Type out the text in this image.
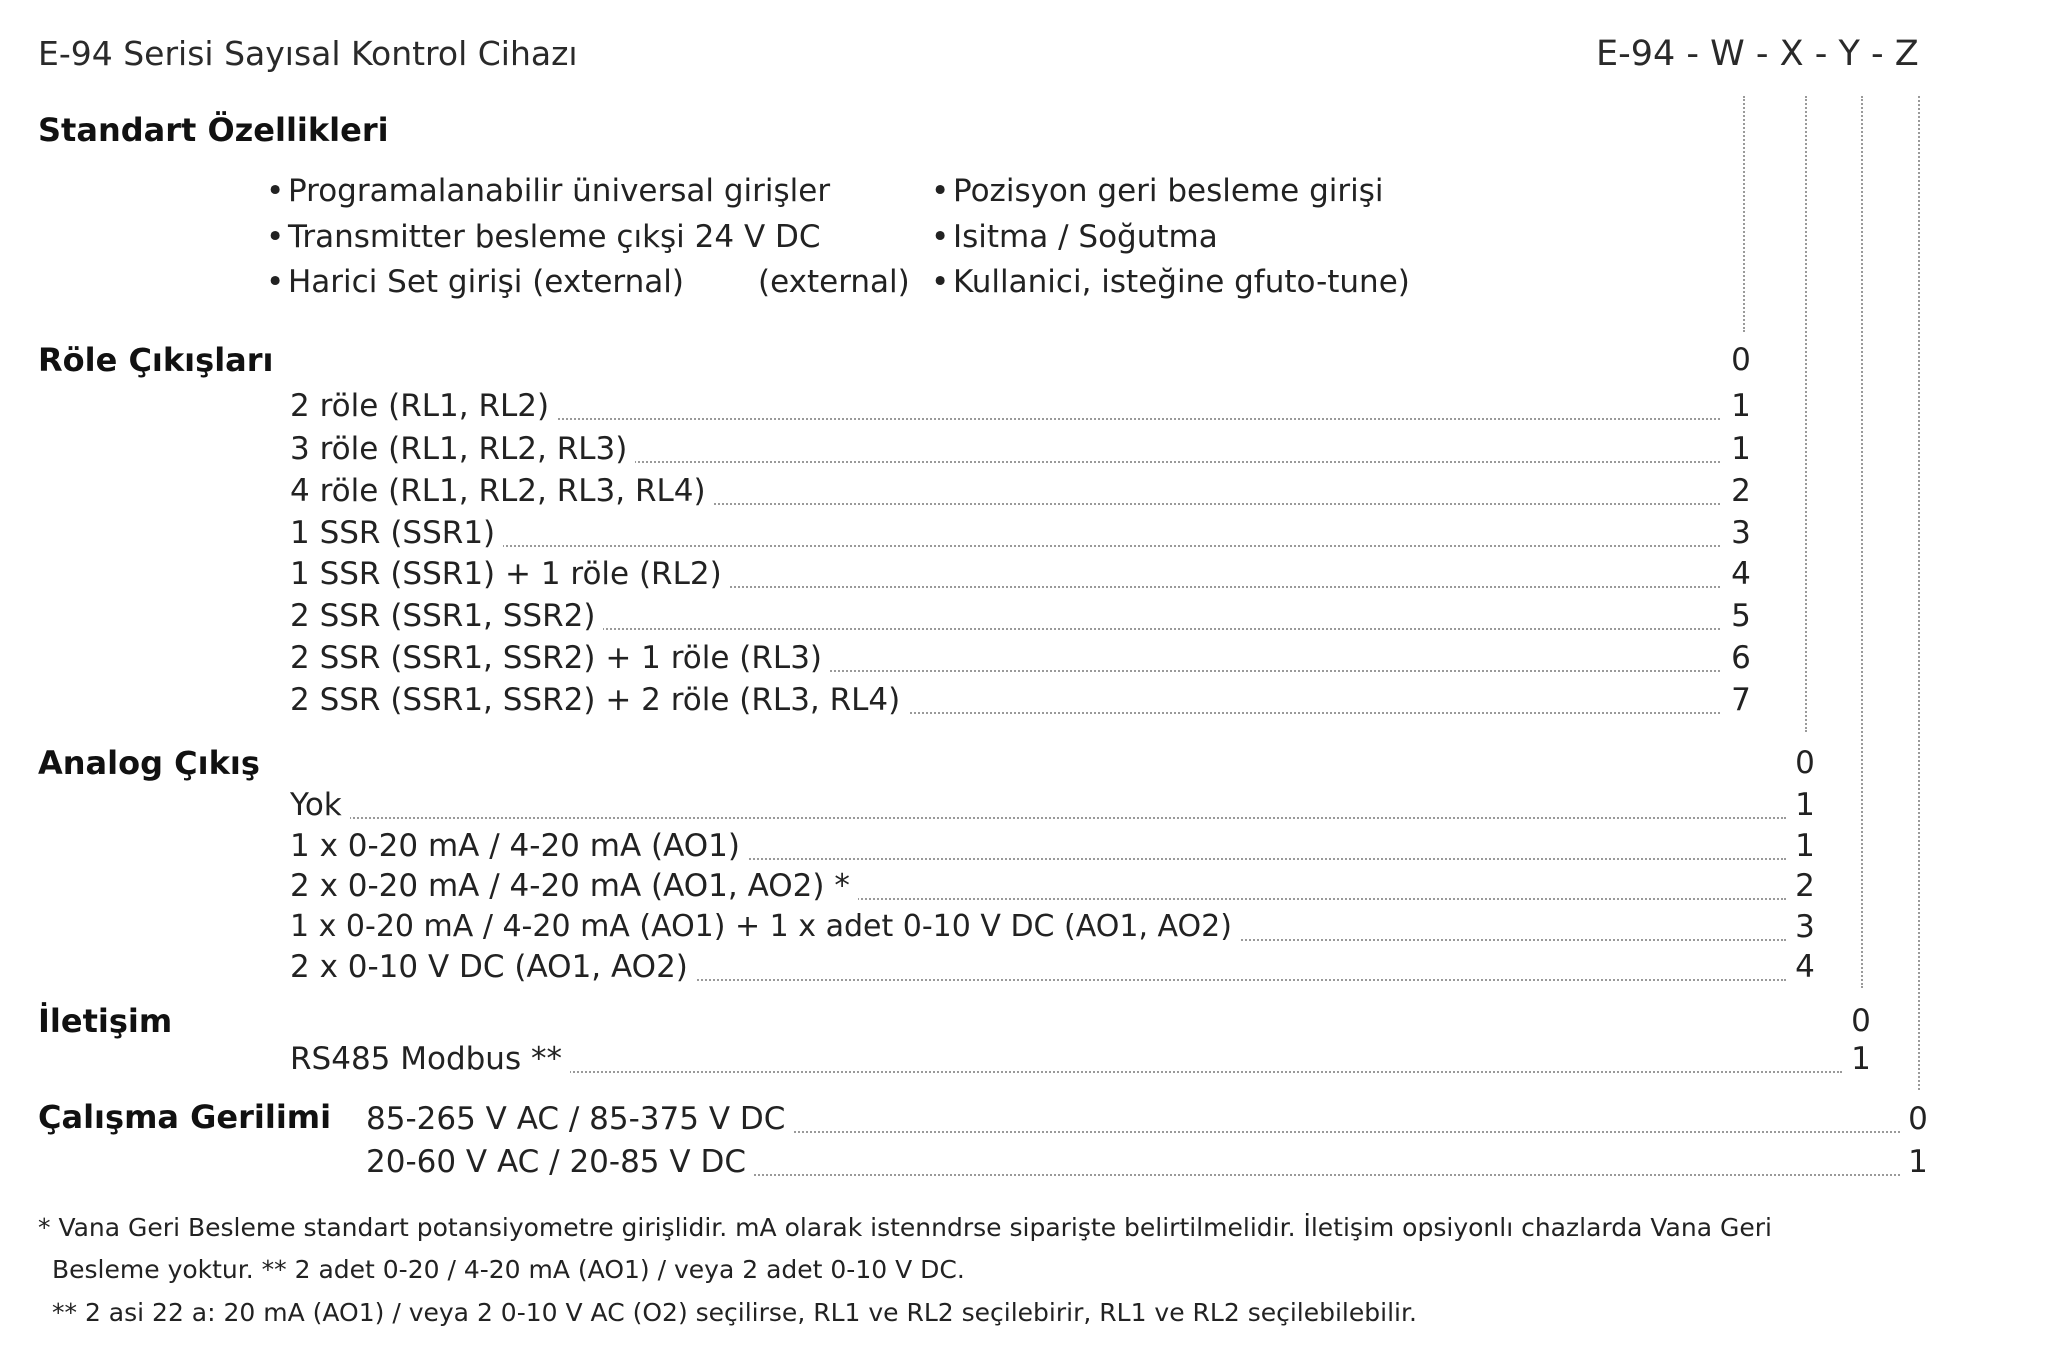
E-94 Serisi Sayısal Kontrol Cihazı	E-94 - W - X - Y - Z
Standart Özellikleri
• Programalanabilir üniversal girişler
• Transmitter besleme çıkşi 24 V DC
• Harici Set girişi (external) (external)
• Pozisyon geri besleme girişi
• Isitma / Soğutma
• Kullanici, isteğine gfuto-tune)
Röle Çıkışları	0
2 röle (RL1, RL2)	1
3 röle (RL1, RL2, RL3)	1
4 röle (RL1, RL2, RL3, RL4)	2
1 SSR (SSR1)	3
1 SSR (SSR1) + 1 röle (RL2)	4
2 SSR (SSR1, SSR2)	5
2 SSR (SSR1, SSR2) + 1 röle (RL3)	6
2 SSR (SSR1, SSR2) + 2 röle (RL3, RL4)	7
Analog Çıkış	0
Yok	1
1 x 0-20 mA / 4-20 mA (AO1)	1
2 x 0-20 mA / 4-20 mA (AO1, AO2) *	2
1 x 0-20 mA / 4-20 mA (AO1) + 1 x adet 0-10 V DC (AO1, AO2)	3
2 x 0-10 V DC (AO1, AO2)	4
İletişim	0
RS485 Modbus **	1
Çalışma Gerilimi 85-265 V AC / 85-375 V DC	0
20-60 V AC / 20-85 V DC	1
* Vana Geri Besleme standart potansiyometre girişlidir. mA olarak istenndrse siparişte belirtilmelidir. İletişim opsiyonlı chazlarda Vana Geri
Besleme yoktur. ** 2 adet 0-20 / 4-20 mA (AO1) / veya 2 adet 0-10 V DC.
** 2 asi 22 a: 20 mA (AO1) / veya 2 0-10 V AC (O2) seçilirse, RL1 ve RL2 seçilebirir, RL1 ve RL2 seçilebilebilir.
